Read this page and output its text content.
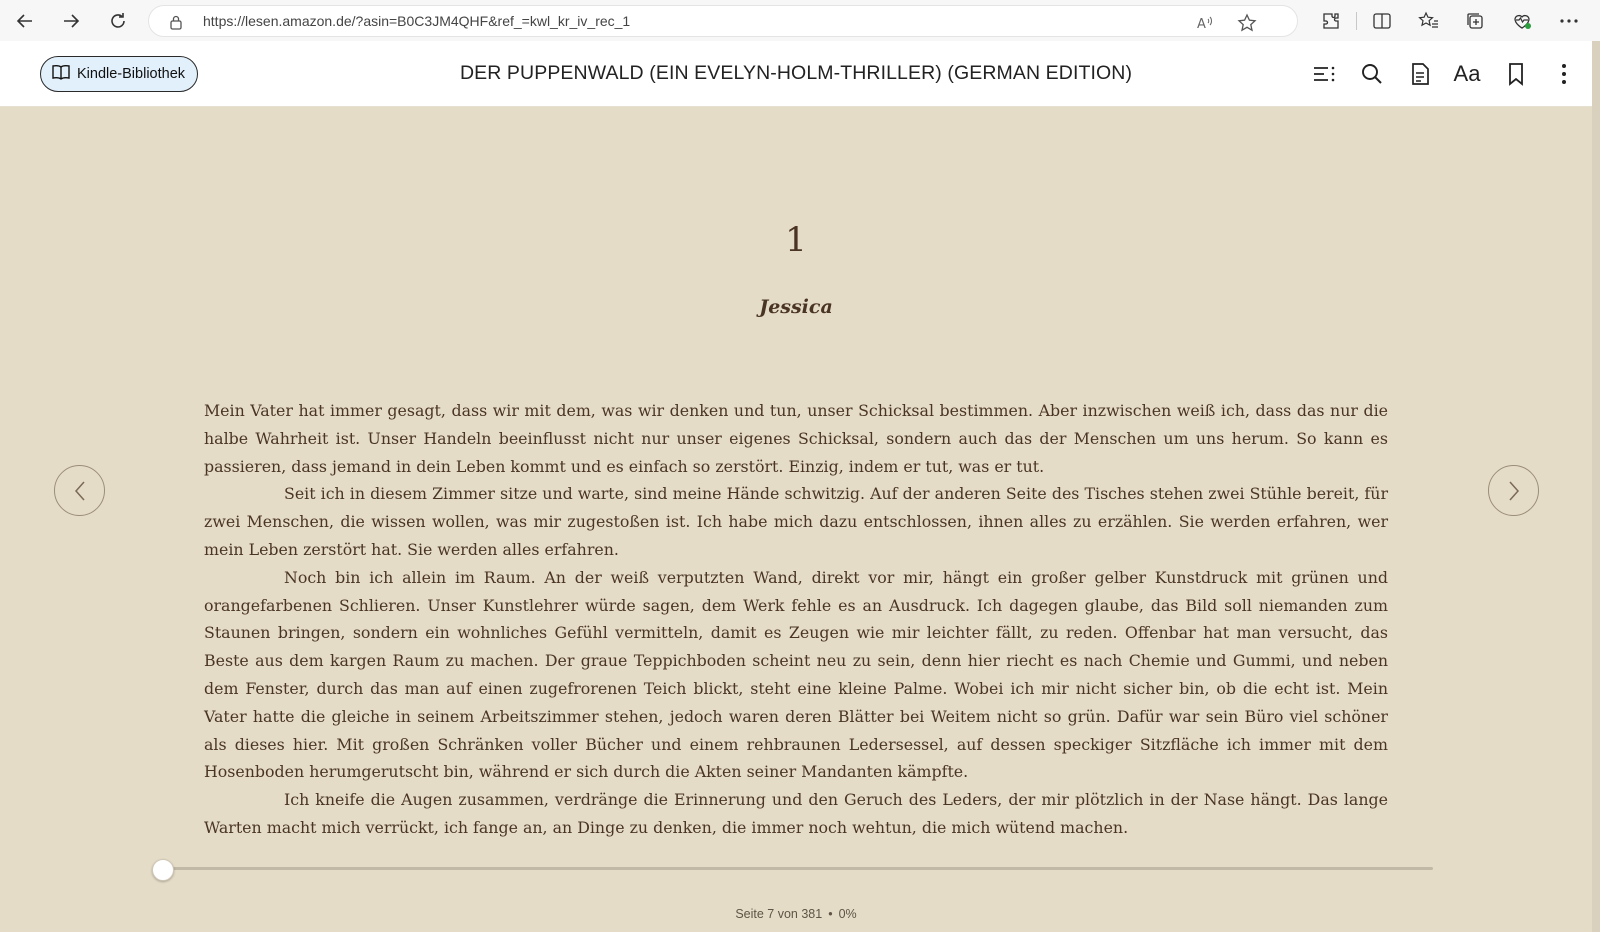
https://lesen.amazon.de/?asin=B0C3JM4QHF&ref_=kwl_kr_iv_rec_1	A
Kindle-Bibliothek	DER PUPPENWALD (EIN EVELYN-HOLM-THRILLER) (GERMAN EDITION)	Aa
1
Jessica

Mein Vater hat immer gesagt, dass wir mit dem, was wir denken und tun, unser Schicksal bestimmen. Aber inzwischen weiß ich, dass das nur die halbe Wahrheit ist. Unser Handeln beeinflusst nicht nur unser eigenes Schicksal, sondern auch das der Menschen um uns herum. So kann es passieren, dass jemand in dein Leben kommt und es einfach so zerstört. Einzig, indem er tut, was er tut.

Seit ich in diesem Zimmer sitze und warte, sind meine Hände schwitzig. Auf der anderen Seite des Tisches stehen zwei Stühle bereit, für zwei Menschen, die wissen wollen, was mir zugestoßen ist. Ich habe mich dazu entschlossen, ihnen alles zu erzählen. Sie werden erfahren, wer mein Leben zerstört hat. Sie werden alles erfahren.

Noch bin ich allein im Raum. An der weiß verputzten Wand, direkt vor mir, hängt ein großer gelber Kunstdruck mit grünen und orangefarbenen Schlieren. Unser Kunstlehrer würde sagen, dem Werk fehle es an Ausdruck. Ich dagegen glaube, das Bild soll niemanden zum Staunen bringen, sondern ein wohnliches Gefühl vermitteln, damit es Zeugen wie mir leichter fällt, zu reden. Offenbar hat man versucht, das Beste aus dem kargen Raum zu machen. Der graue Teppichboden scheint neu zu sein, denn hier riecht es nach Chemie und Gummi, und neben dem Fenster, durch das man auf einen zugefrorenen Teich blickt, steht eine kleine Palme. Wobei ich mir nicht sicher bin, ob die echt ist. Mein Vater hatte die gleiche in seinem Arbeitszimmer stehen, jedoch waren deren Blätter bei Weitem nicht so grün. Dafür war sein Büro viel schöner als dieses hier. Mit großen Schränken voller Bücher und einem rehbraunen Ledersessel, auf dessen speckiger Sitzfläche ich immer mit dem Hosenboden herumgerutscht bin, während er sich durch die Akten seiner Mandanten kämpfte.

Ich kneife die Augen zusammen, verdränge die Erinnerung und den Geruch des Leders, der mir plötzlich in der Nase hängt. Das lange Warten macht mich verrückt, ich fange an, an Dinge zu denken, die immer noch wehtun, die mich wütend machen.

Seite 7 von 381 • 0%
